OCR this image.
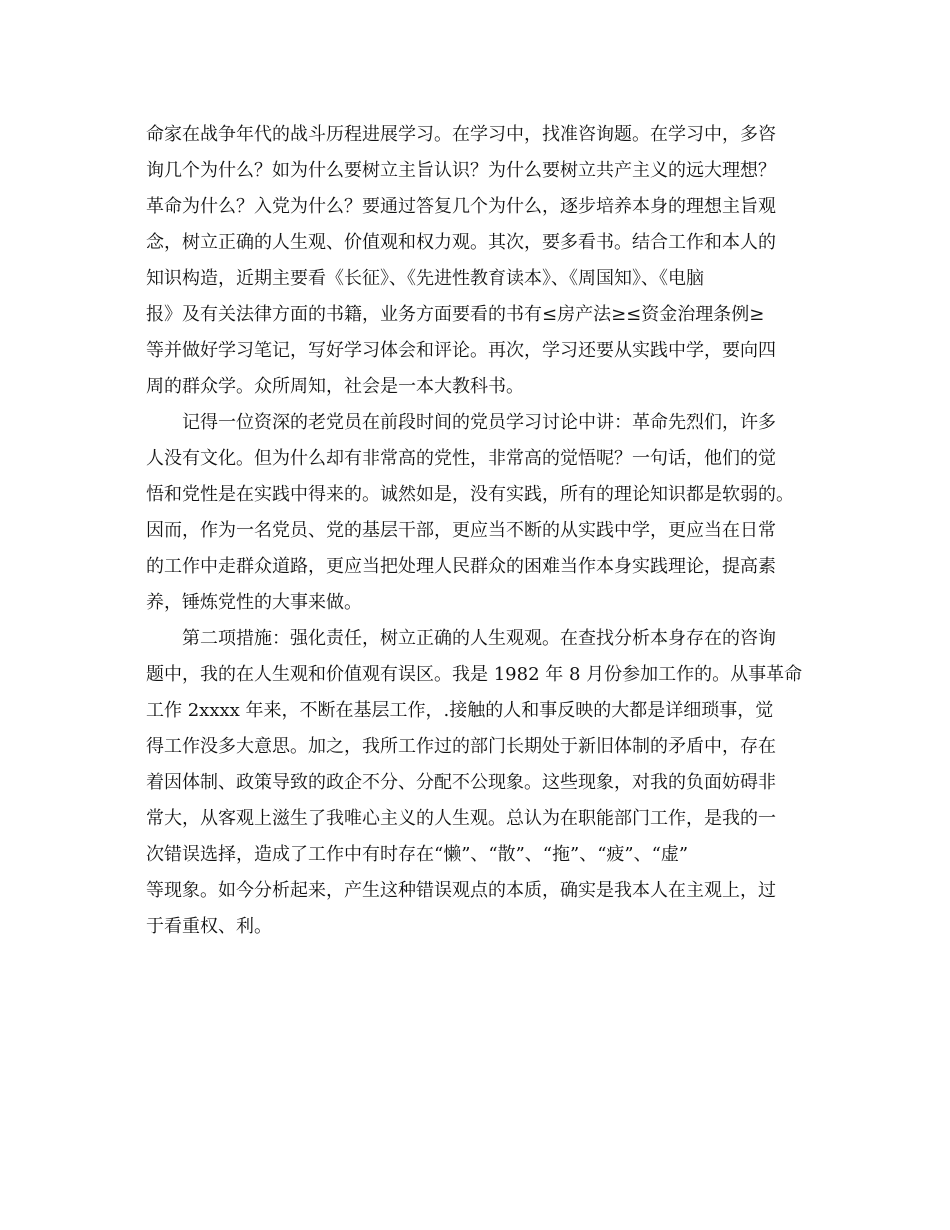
命家在战争年代的战斗历程进展学习。在学习中，找准咨询题。在学习中，多咨
询几个为什么？如为什么要树立主旨认识？为什么要树立共产主义的远大理想？
革命为什么？入党为什么？要通过答复几个为什么，逐步培养本身的理想主旨观
念，树立正确的人生观、价值观和权力观。其次，要多看书。结合工作和本人的
知识构造，近期主要看《长征》、《先进性教育读本》、《周国知》、《电脑
报》及有关法律方面的书籍，业务方面要看的书有≤房产法≥≤资金治理条例≥
等并做好学习笔记，写好学习体会和评论。再次，学习还要从实践中学，要向四
周的群众学。众所周知，社会是一本大教科书。
记得一位资深的老党员在前段时间的党员学习讨论中讲：革命先烈们，许多
人没有文化。但为什么却有非常高的党性，非常高的觉悟呢？一句话，他们的觉
悟和党性是在实践中得来的。诚然如是，没有实践，所有的理论知识都是软弱的。
因而，作为一名党员、党的基层干部，更应当不断的从实践中学，更应当在日常
的工作中走群众道路，更应当把处理人民群众的困难当作本身实践理论，提高素
养，锤炼党性的大事来做。
第二项措施：强化责任，树立正确的人生观观。在查找分析本身存在的咨询
题中，我的在人生观和价值观有误区。我是 1982 年 8 月份参加工作的。从事革命
工作 2xxxx 年来，不断在基层工作，.接触的人和事反映的大都是详细琐事，觉
得工作没多大意思。加之，我所工作过的部门长期处于新旧体制的矛盾中，存在
着因体制、政策导致的政企不分、分配不公现象。这些现象，对我的负面妨碍非
常大，从客观上滋生了我唯心主义的人生观。总认为在职能部门工作，是我的一
次错误选择，造成了工作中有时存在“懒”、“散”、“拖”、“疲”、“虚”
等现象。如今分析起来，产生这种错误观点的本质，确实是我本人在主观上，过
于看重权、利。
